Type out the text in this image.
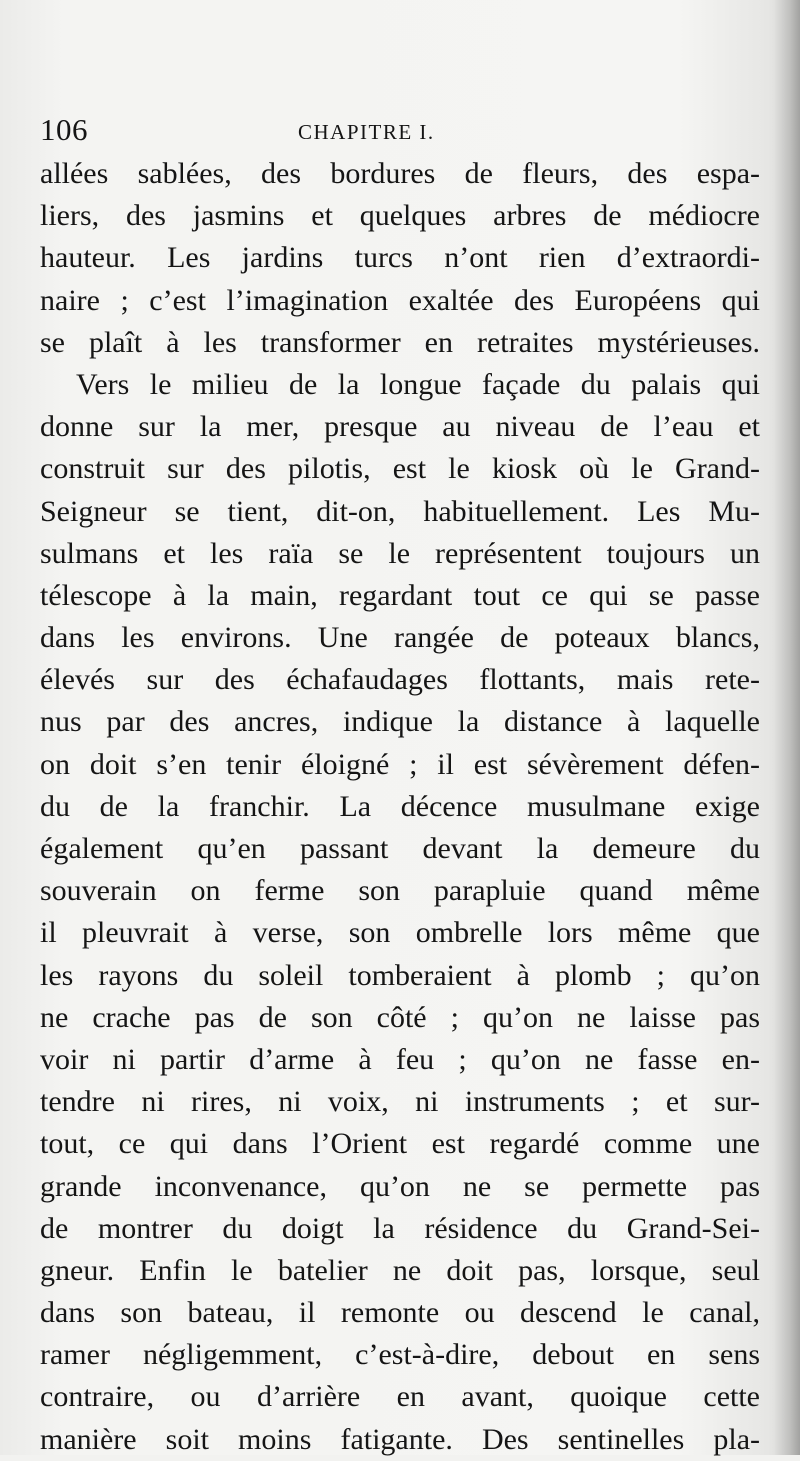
106	CHAPITRE I.
allées sablées, des bordures de fleurs, des espa-
liers, des jasmins et quelques arbres de médiocre
hauteur. Les jardins turcs n’ont rien d’extraordi-
naire ; c’est l’imagination exaltée des Européens qui
se plaît à les transformer en retraites mystérieuses.
Vers le milieu de la longue façade du palais qui
donne sur la mer, presque au niveau de l’eau et
construit sur des pilotis, est le kiosk où le Grand-
Seigneur se tient, dit-on, habituellement. Les Mu-
sulmans et les raïa se le représentent toujours un
télescope à la main, regardant tout ce qui se passe
dans les environs. Une rangée de poteaux blancs,
élevés sur des échafaudages flottants, mais rete-
nus par des ancres, indique la distance à laquelle
on doit s’en tenir éloigné ; il est sévèrement défen-
du de la franchir. La décence musulmane exige
également qu’en passant devant la demeure du
souverain on ferme son parapluie quand même
il pleuvrait à verse, son ombrelle lors même que
les rayons du soleil tomberaient à plomb ; qu’on
ne crache pas de son côté ; qu’on ne laisse pas
voir ni partir d’arme à feu ; qu’on ne fasse en-
tendre ni rires, ni voix, ni instruments ; et sur-
tout, ce qui dans l’Orient est regardé comme une
grande inconvenance, qu’on ne se permette pas
de montrer du doigt la résidence du Grand-Sei-
gneur. Enfin le batelier ne doit pas, lorsque, seul
dans son bateau, il remonte ou descend le canal,
ramer négligemment, c’est-à-dire, debout en sens
contraire, ou d’arrière en avant, quoique cette
manière soit moins fatigante. Des sentinelles pla-
